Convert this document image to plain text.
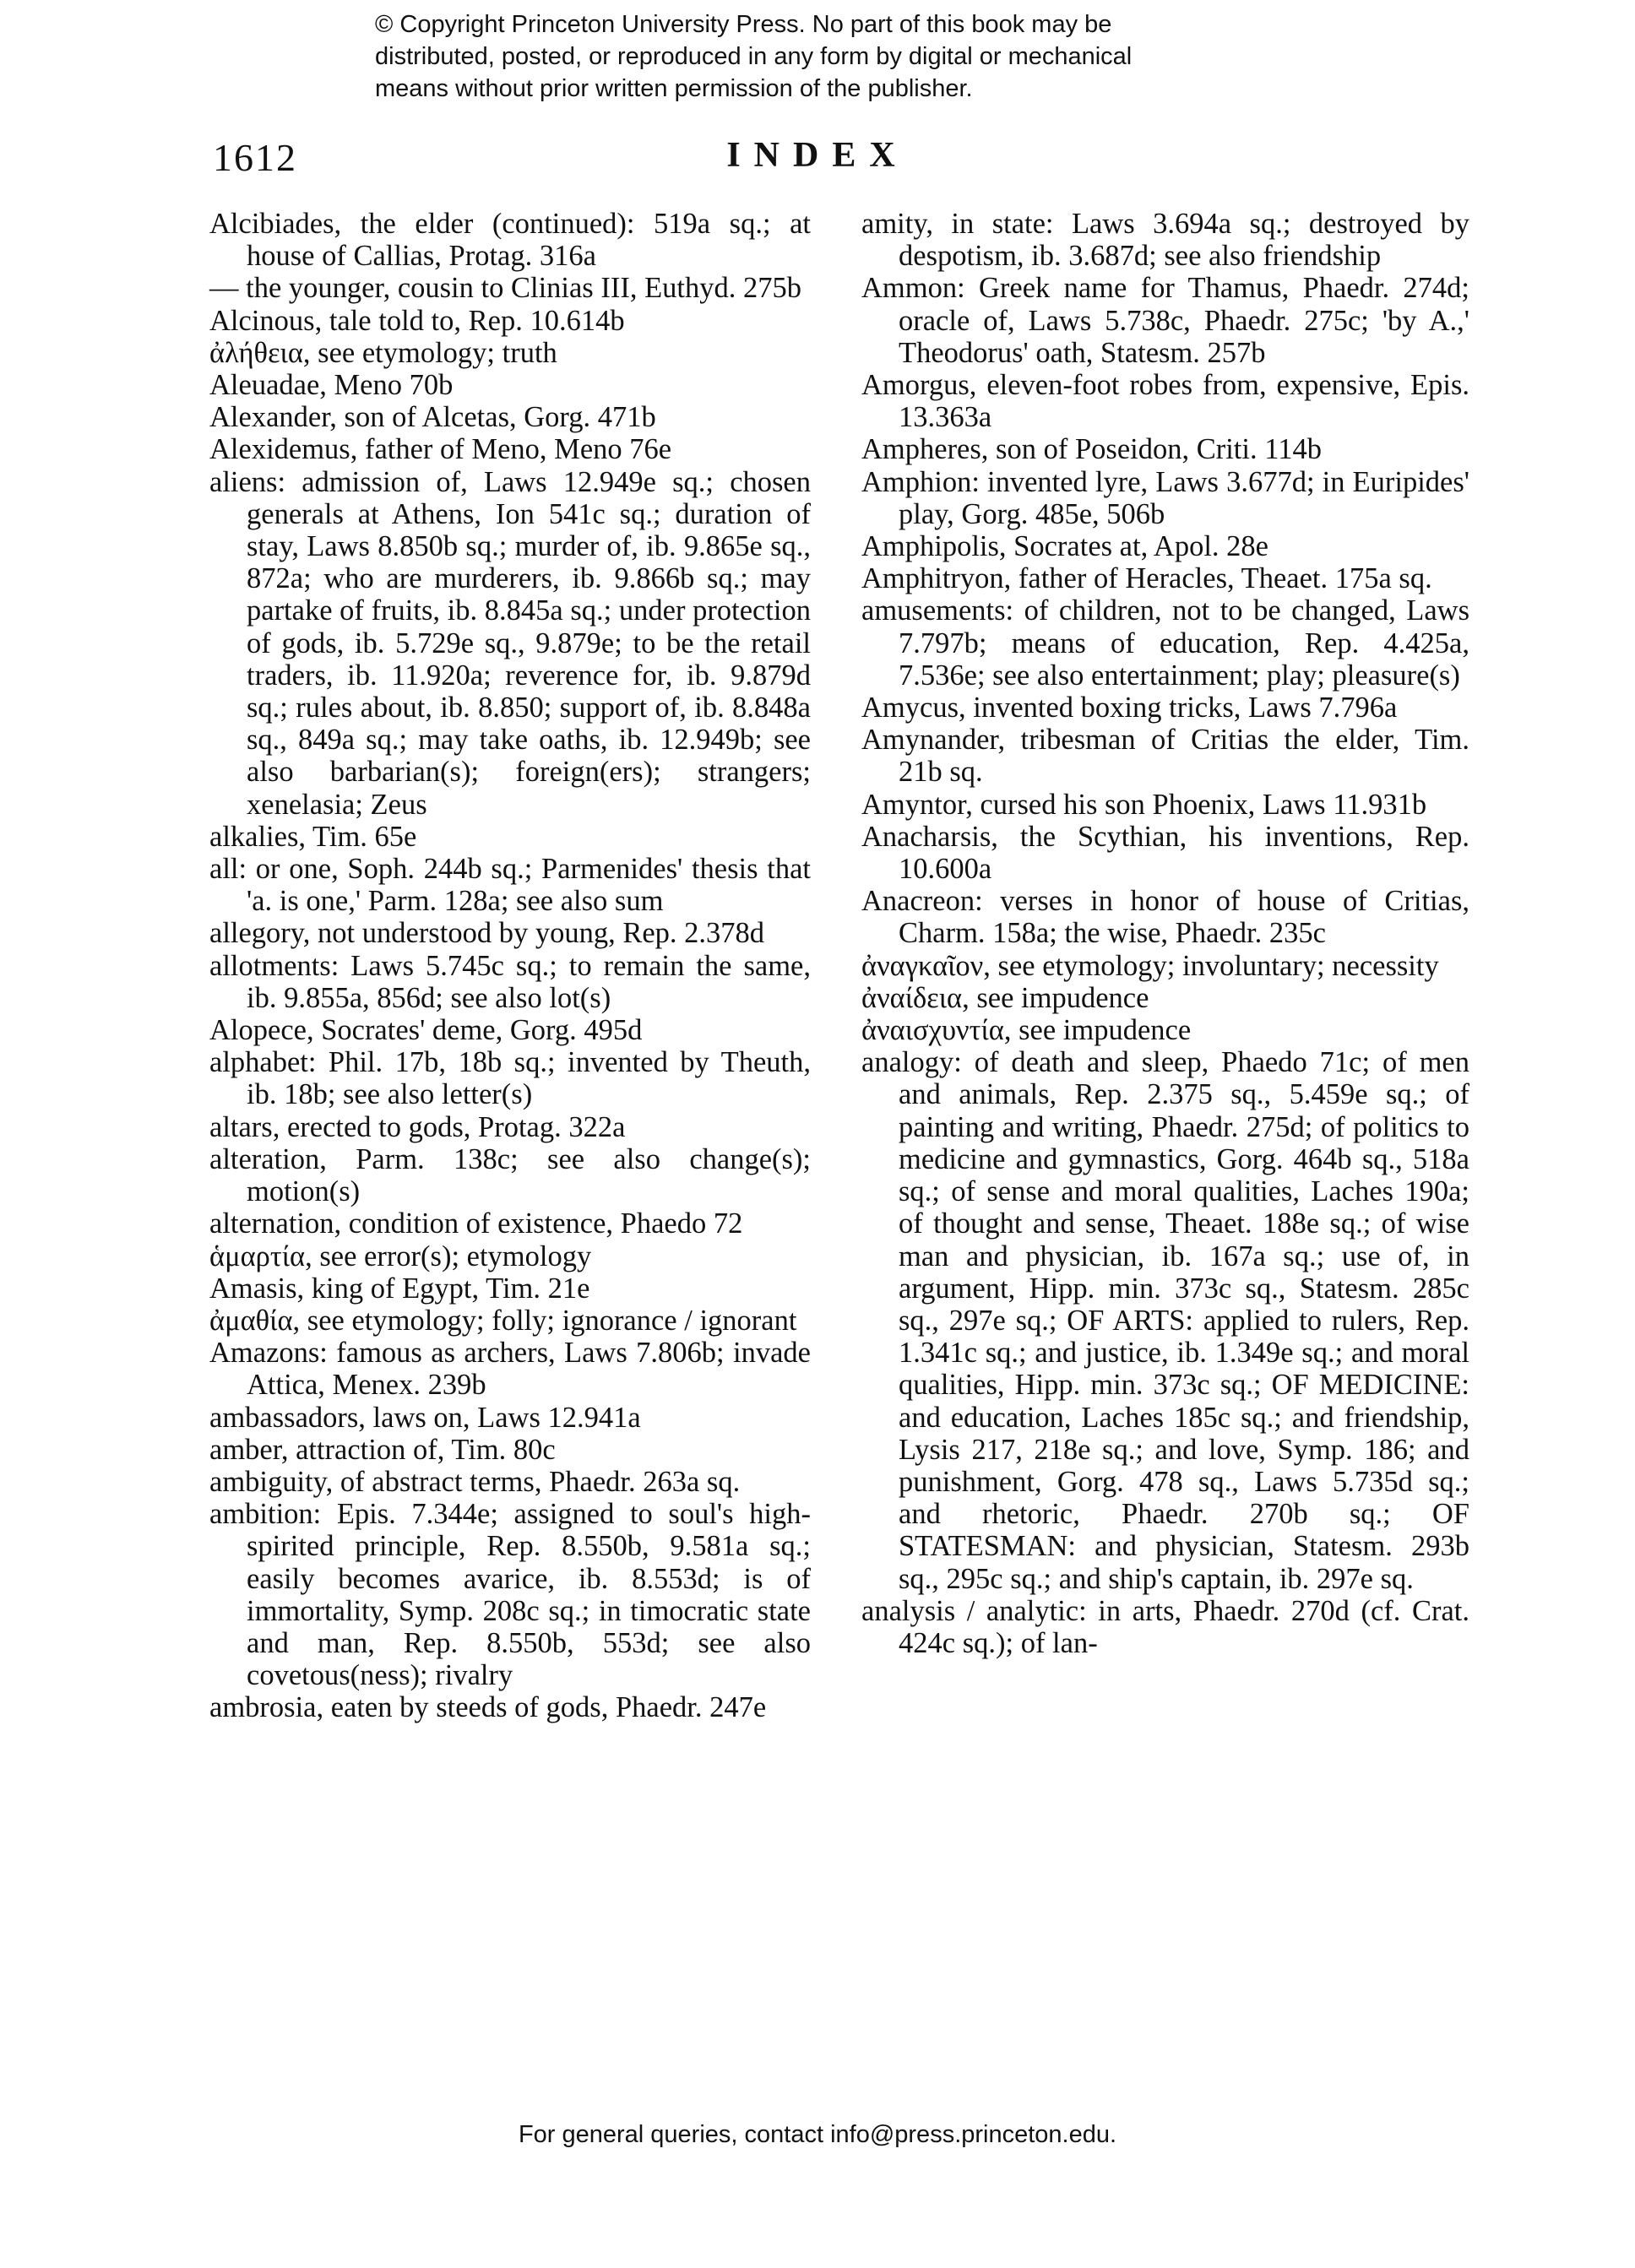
© Copyright Princeton University Press. No part of this book may be
distributed, posted, or reproduced in any form by digital or mechanical
means without prior written permission of the publisher.
1612	INDEX
Alcibiades, the elder (continued): 519a sq.; at house of Callias, Protag. 316a
— the younger, cousin to Clinias III, Euthyd. 275b
Alcinous, tale told to, Rep. 10.614b
ἀλήθεια, see etymology; truth
Aleuadae, Meno 70b
Alexander, son of Alcetas, Gorg. 471b
Alexidemus, father of Meno, Meno 76e
aliens: admission of, Laws 12.949e sq.; chosen generals at Athens, Ion 541c sq.; duration of stay, Laws 8.850b sq.; murder of, ib. 9.865e sq., 872a; who are murderers, ib. 9.866b sq.; may partake of fruits, ib. 8.845a sq.; under protection of gods, ib. 5.729e sq., 9.879e; to be the retail traders, ib. 11.920a; reverence for, ib. 9.879d sq.; rules about, ib. 8.850; support of, ib. 8.848a sq., 849a sq.; may take oaths, ib. 12.949b; see also barbarian(s); foreign(ers); strangers; xenelasia; Zeus
alkalies, Tim. 65e
all: or one, Soph. 244b sq.; Parmenides' thesis that 'a. is one,' Parm. 128a; see also sum
allegory, not understood by young, Rep. 2.378d
allotments: Laws 5.745c sq.; to remain the same, ib. 9.855a, 856d; see also lot(s)
Alopece, Socrates' deme, Gorg. 495d
alphabet: Phil. 17b, 18b sq.; invented by Theuth, ib. 18b; see also letter(s)
altars, erected to gods, Protag. 322a
alteration, Parm. 138c; see also change(s); motion(s)
alternation, condition of existence, Phaedo 72
ἁμαρτία, see error(s); etymology
Amasis, king of Egypt, Tim. 21e
ἀμαθία, see etymology; folly; ignorance / ignorant
Amazons: famous as archers, Laws 7.806b; invade Attica, Menex. 239b
ambassadors, laws on, Laws 12.941a
amber, attraction of, Tim. 80c
ambiguity, of abstract terms, Phaedr. 263a sq.
ambition: Epis. 7.344e; assigned to soul's high-spirited principle, Rep. 8.550b, 9.581a sq.; easily becomes avarice, ib. 8.553d; is of immortality, Symp. 208c sq.; in timocratic state and man, Rep. 8.550b, 553d; see also covetous(ness); rivalry
ambrosia, eaten by steeds of gods, Phaedr. 247e
amity, in state: Laws 3.694a sq.; destroyed by despotism, ib. 3.687d; see also friendship
Ammon: Greek name for Thamus, Phaedr. 274d; oracle of, Laws 5.738c, Phaedr. 275c; 'by A.,' Theodorus' oath, Statesm. 257b
Amorgus, eleven-foot robes from, expensive, Epis. 13.363a
Ampheres, son of Poseidon, Criti. 114b
Amphion: invented lyre, Laws 3.677d; in Euripides' play, Gorg. 485e, 506b
Amphipolis, Socrates at, Apol. 28e
Amphitryon, father of Heracles, Theaet. 175a sq.
amusements: of children, not to be changed, Laws 7.797b; means of education, Rep. 4.425a, 7.536e; see also entertainment; play; pleasure(s)
Amycus, invented boxing tricks, Laws 7.796a
Amynander, tribesman of Critias the elder, Tim. 21b sq.
Amyntor, cursed his son Phoenix, Laws 11.931b
Anacharsis, the Scythian, his inventions, Rep. 10.600a
Anacreon: verses in honor of house of Critias, Charm. 158a; the wise, Phaedr. 235c
ἀναγκαῖον, see etymology; involuntary; necessity
ἀναίδεια, see impudence
ἀναισχυντία, see impudence
analogy: of death and sleep, Phaedo 71c; of men and animals, Rep. 2.375 sq., 5.459e sq.; of painting and writing, Phaedr. 275d; of politics to medicine and gymnastics, Gorg. 464b sq., 518a sq.; of sense and moral qualities, Laches 190a; of thought and sense, Theaet. 188e sq.; of wise man and physician, ib. 167a sq.; use of, in argument, Hipp. min. 373c sq., Statesm. 285c sq., 297e sq.; OF ARTS: applied to rulers, Rep. 1.341c sq.; and justice, ib. 1.349e sq.; and moral qualities, Hipp. min. 373c sq.; OF MEDICINE: and education, Laches 185c sq.; and friendship, Lysis 217, 218e sq.; and love, Symp. 186; and punishment, Gorg. 478 sq., Laws 5.735d sq.; and rhetoric, Phaedr. 270b sq.; OF STATESMAN: and physician, Statesm. 293b sq., 295c sq.; and ship's captain, ib. 297e sq.
analysis / analytic: in arts, Phaedr. 270d (cf. Crat. 424c sq.); of lan-
For general queries, contact info@press.princeton.edu.
